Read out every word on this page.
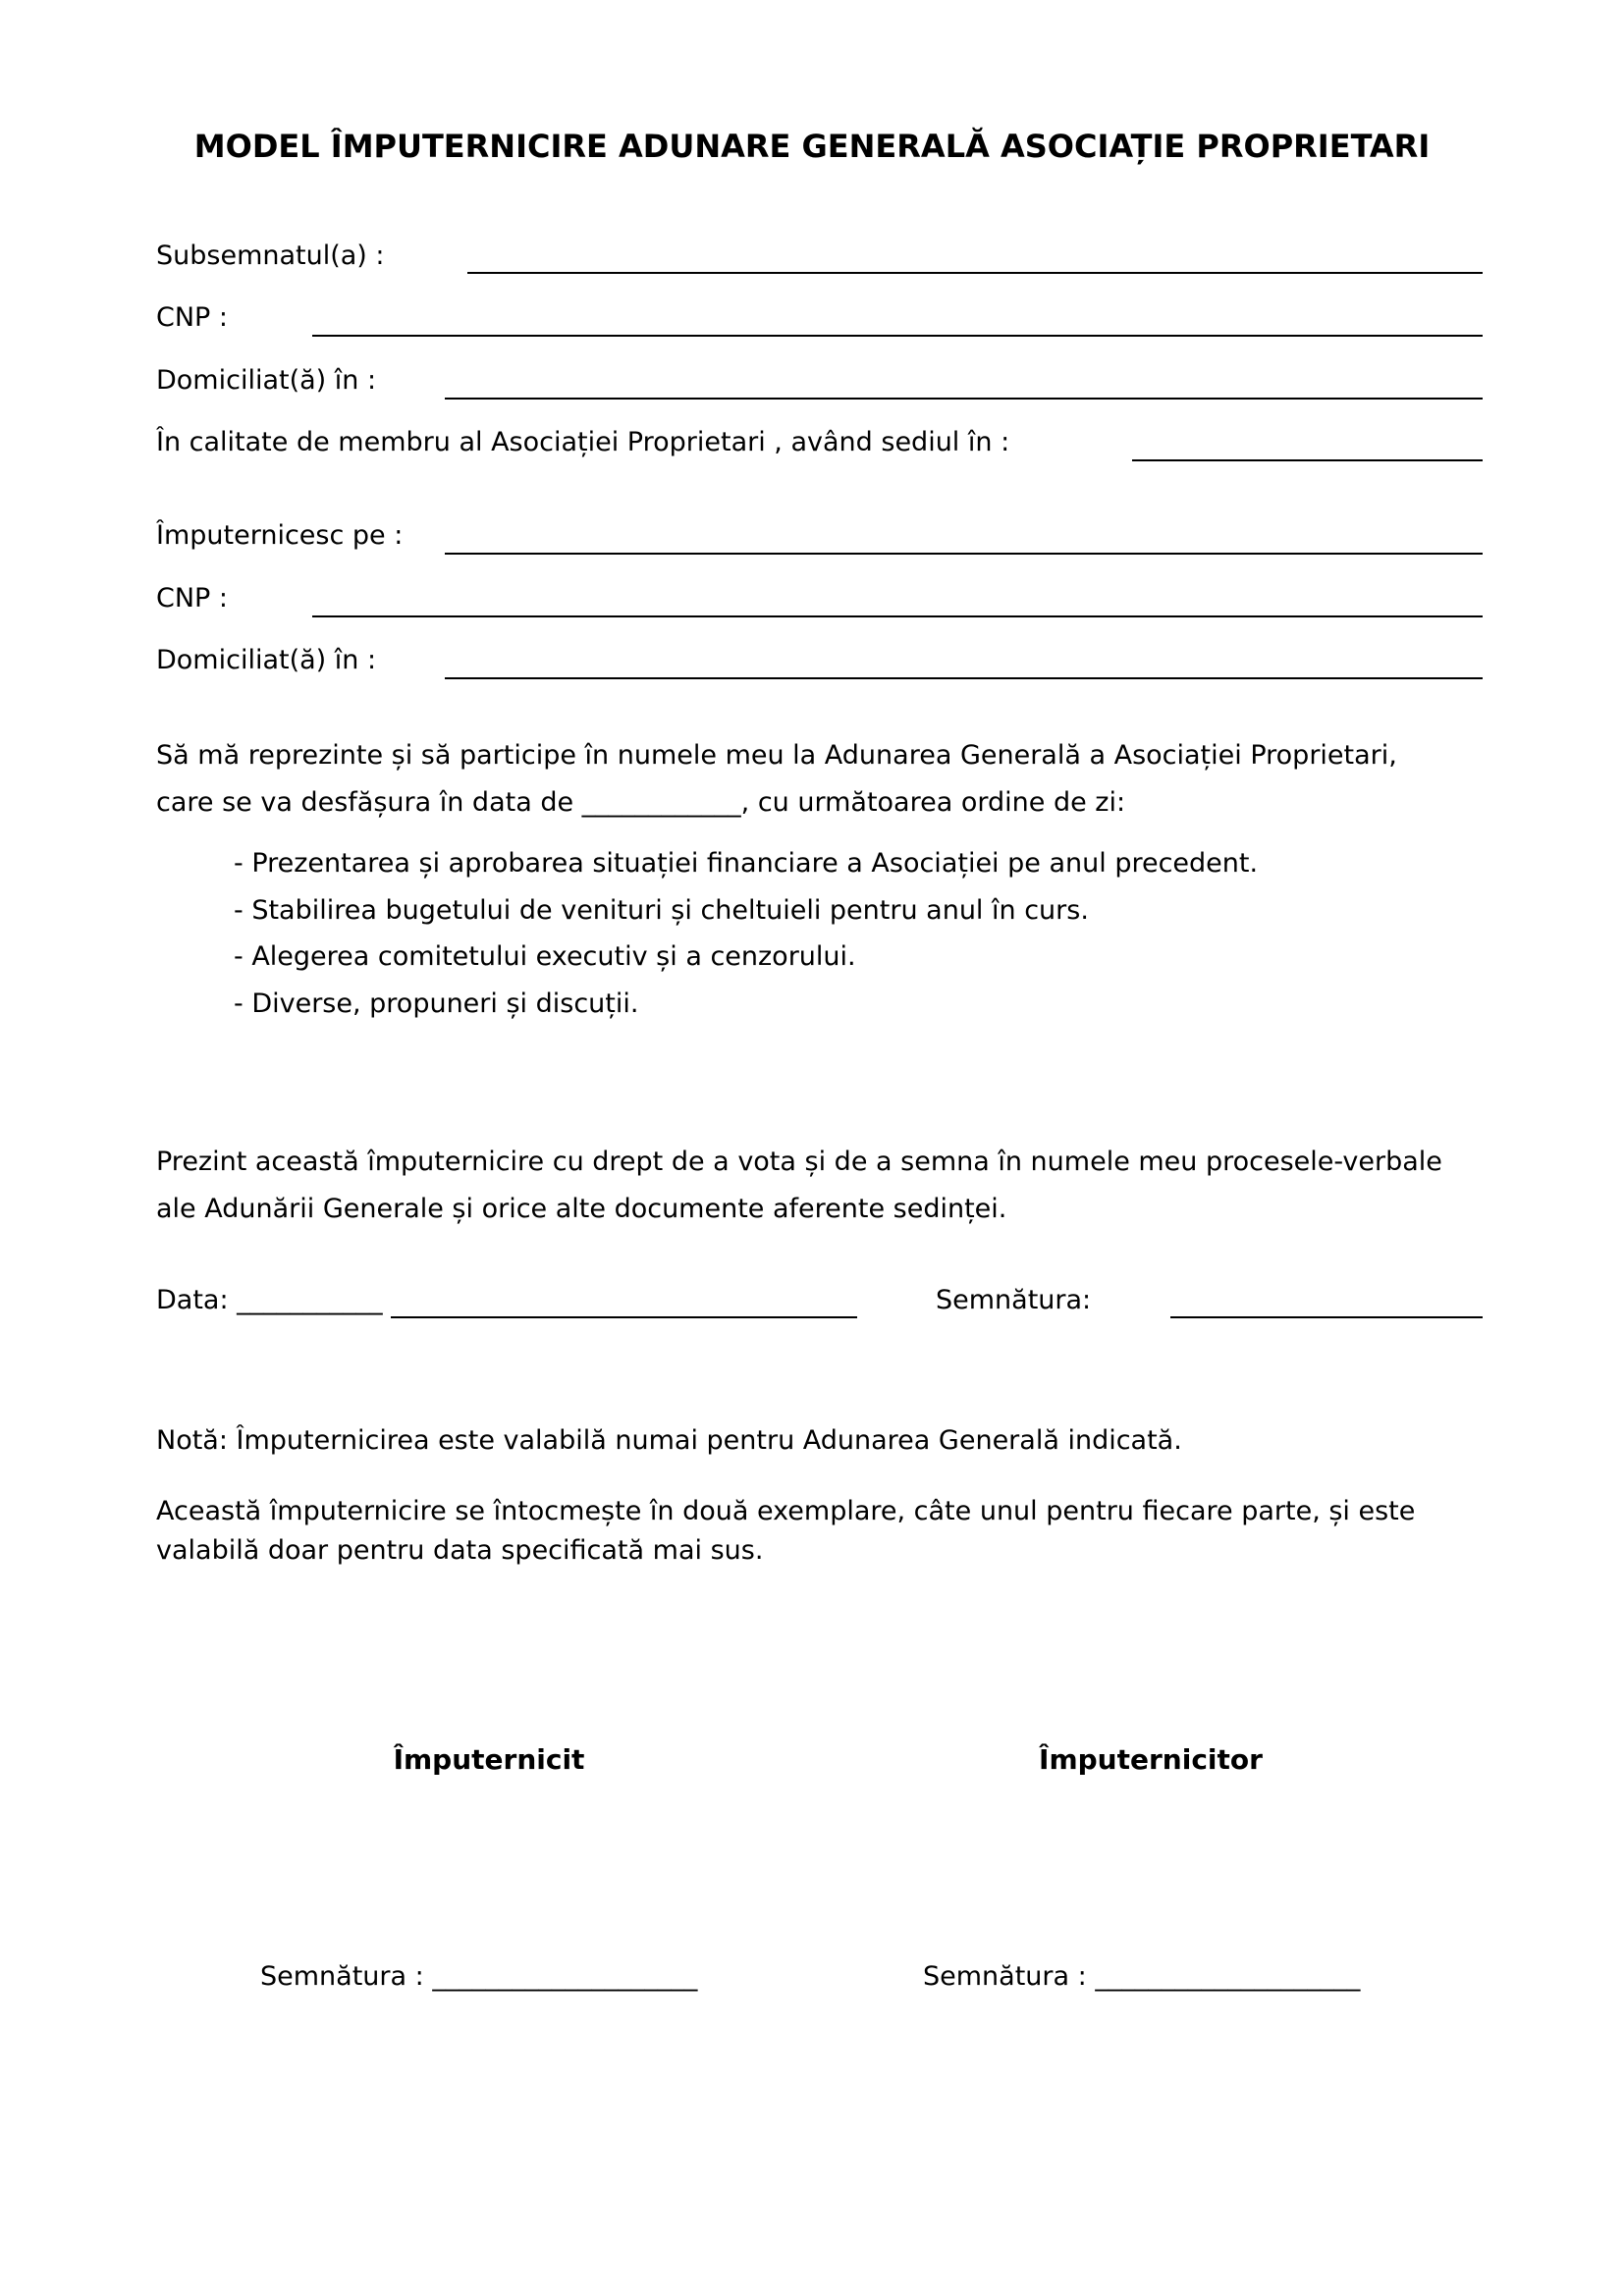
MODEL ÎMPUTERNICIRE ADUNARE GENERALĂ ASOCIAȚIE PROPRIETARI
Subsemnatul(a) :
CNP :
Domiciliat(ă) în :
În calitate de membru al Asociației Proprietari , având sediul în :
Împuternicesc pe :
CNP :
Domiciliat(ă) în :
Să mă reprezinte și să participe în numele meu la Adunarea Generală a Asociației Proprietari,
care se va desfășura în data de ____________, cu următoarea ordine de zi:
- Prezentarea și aprobarea situației financiare a Asociației pe anul precedent.
- Stabilirea bugetului de venituri și cheltuieli pentru anul în curs.
- Alegerea comitetului executiv și a cenzorului.
- Diverse, propuneri și discuții.
Prezint această împuternicire cu drept de a vota și de a semna în numele meu procesele-verbale
ale Adunării Generale și orice alte documente aferente sedinței.
Data: ___________	Semnătura:
Notă: Împuternicirea este valabilă numai pentru Adunarea Generală indicată.
Această împuternicire se întocmește în două exemplare, câte unul pentru fiecare parte, și este
valabilă doar pentru data specificată mai sus.
Împuternicit	Împuternicitor
Semnătura : ____________________	Semnătura : ____________________
